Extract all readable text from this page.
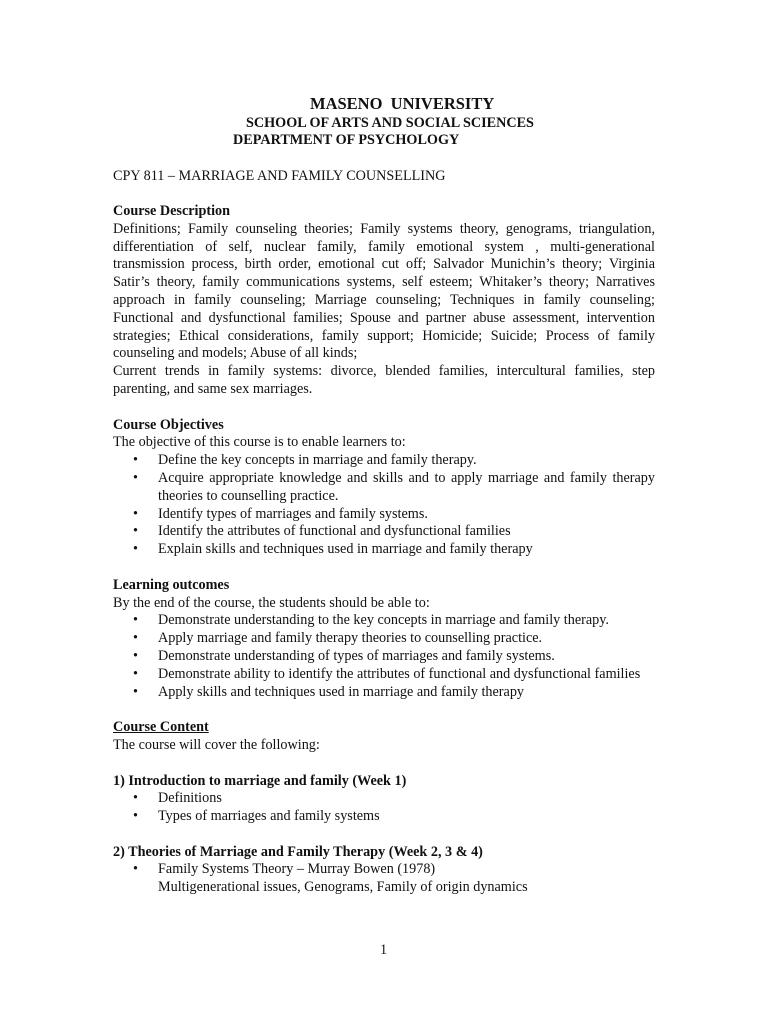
MASENO  UNIVERSITY
SCHOOL OF ARTS AND SOCIAL SCIENCES
DEPARTMENT OF PSYCHOLOGY
CPY 811 – MARRIAGE AND FAMILY COUNSELLING

Course Description

Definitions; Family counseling theories; Family systems theory, genograms, triangulation, differentiation of self, nuclear family, family emotional system , multi-generational transmission process, birth order, emotional cut off; Salvador Munichin’s theory; Virginia Satir’s theory, family communications systems, self esteem; Whitaker’s theory; Narratives approach in family counseling; Marriage counseling; Techniques in family counseling; Functional and dysfunctional families; Spouse and partner abuse assessment, intervention strategies; Ethical considerations, family support; Homicide; Suicide; Process of family counseling and models; Abuse of all kinds;

Current trends in family systems: divorce, blended families, intercultural families, step parenting, and same sex marriages.

Course Objectives

The objective of this course is to enable learners to:

• Define the key concepts in marriage and family therapy.
• Acquire appropriate knowledge and skills and to apply marriage and family therapy theories to counselling practice.
• Identify types of marriages and family systems.
• Identify the attributes of functional and dysfunctional families
• Explain skills and techniques used in marriage and family therapy

Learning outcomes

By the end of the course, the students should be able to:

• Demonstrate understanding to the key concepts in marriage and family therapy.
• Apply marriage and family therapy theories to counselling practice.
• Demonstrate understanding of types of marriages and family systems.
• Demonstrate ability to identify the attributes of functional and dysfunctional families
• Apply skills and techniques used in marriage and family therapy

Course Content

The course will cover the following:

1) Introduction to marriage and family (Week 1)

• Definitions
• Types of marriages and family systems

2) Theories of Marriage and Family Therapy (Week 2, 3 & 4)

• Family Systems Theory – Murray Bowen (1978)

Multigenerational issues, Genograms, Family of origin dynamics

1
